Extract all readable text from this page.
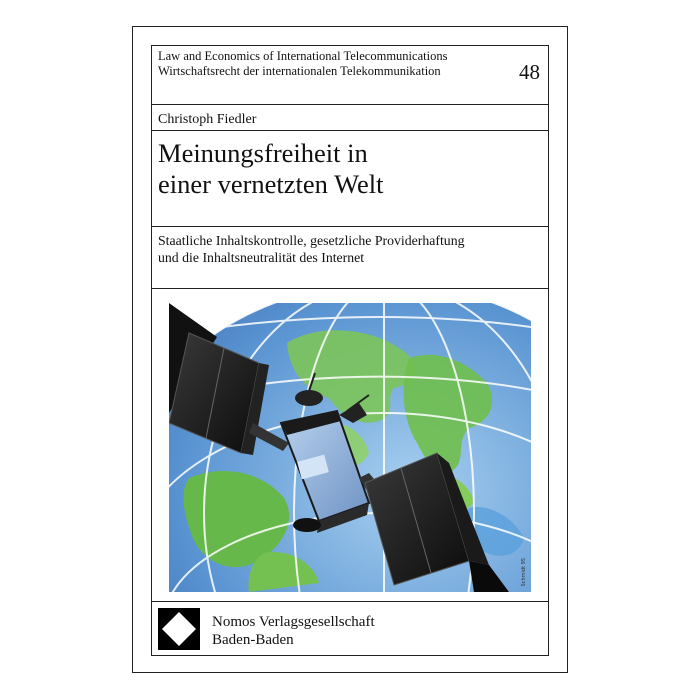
Law and Economics of International Telecommunications
Wirtschaftsrecht der internationalen Telekommunikation	48
Christoph Fiedler
Meinungsfreiheit in
einer vernetzten Welt
Staatliche Inhaltskontrolle, gesetzliche Providerhaftung
und die Inhaltsneutralität des Internet
Schmidt 95
Nomos Verlagsgesellschaft
Baden-Baden
